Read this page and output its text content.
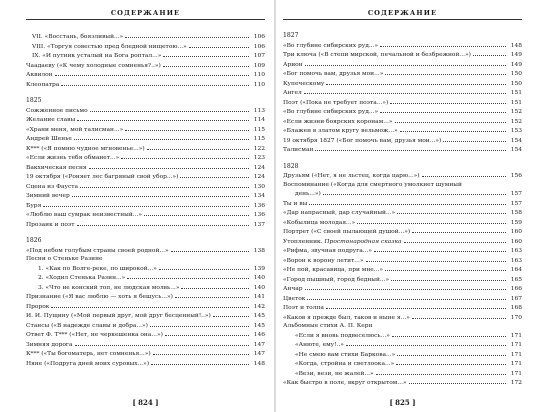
СОДЕРЖАНИЕ
VII. «Восстань, боязливый...»	106
VIII. «Торгуя совестью пред бледной нищетою...»	106
IX. «И путник усталый на Бога роптал...»	107
Чаадаеву («К чему холодные сомненья?..»)	109
Аквилон	110
Клеопатра	110
1825
Сожженное письмо	113
Желание славы	114
«Храни меня, мой талисман...»	115
Андрей Шенье	115
К*** («Я помню чудное мгновенье...»)	122
«Если жизнь тебя обманет...»	123
Вакхическая песня	124
19 октября («Роняет лес багряный свой убор...»)	124
Сцена из Фауста	130
Зимний вечер	134
Буря	136
«Люблю ваш сумрак неизвестный...»	136
Прозаик и поэт	137
1826
«Под небом голубым страны своей родной...»	138
Песни о Стеньке Разине
1. «Как по Волге-реке, по широкой...»	139
2. «Ходил Стенька Разин...»	140
3. «Что не конский топ, не людская молвь...»	140
Признание («Я вас люблю — хоть я бешусь...»)	141
Пророк	142
И. И. Пущину («Мой первый друг, мой друг бесценный!..»)	145
Стансы («В надежде славы и добра...»)	145
Ответ Ф. Т*** («Нет, не черкешенка она...»)	146
Зимняя дорога	147
К*** («Ты богоматерь, нет сомненья...»)	147
Няне («Подруга дней моих суровых...»)	148
[ 824 ]
СОДЕРЖАНИЕ
1827
«Во глубине сибирских руд...»	148
Три ключа («В степи мирской, печальной и безбрежной...»)	149
Арион	149
«Бог помочь вам, друзья мои...»	150
Купеческому	150
Ангел	151
Поэт («Пока не требует поэта...»)	151
«Во глубине сибирских руд...»	152
«Если жизни боярских коронам...»	152
«Блажен в златом кругу вельмож...»	153
19 октября 1827 («Бог помочь вам, друзья мои...»)	154
Талисман	154
1828
Друзьям («Нет, я не льстец, когда царю...»)	156
Воспоминание («Когда для смертного умолкнет шумный
день...»)	157
Ты и вы	157
«Дар напрасный, дар случайный...»	158
«Кобылица молодая...»	159
Портрет («С своей пылающей душой...»)	160
Утопленник. Простонародная сказка	160
«Рифма, звучная подруга...»	163
«Ворон к ворону летит...»	163
«Не пой, красавица, при мне...»	164
«Город пышный, город бедный...»	165
Анчар	166
Цветок	167
Поэт и толпа	168
«Каков я прежде был, таков и ныне я...»	170
Альбомные стихи А. П. Керн
«Если я вновь подвеселюсь...»	171
«Анюте, ему!..»	171
«Не смею вам стихи Баркова...»	171
«Когда, стройна и светлоока...»	171
«Вези, вези, не жалей...»	171
«Как быстро в поле, вкруг открытом...»	172
[ 825 ]
